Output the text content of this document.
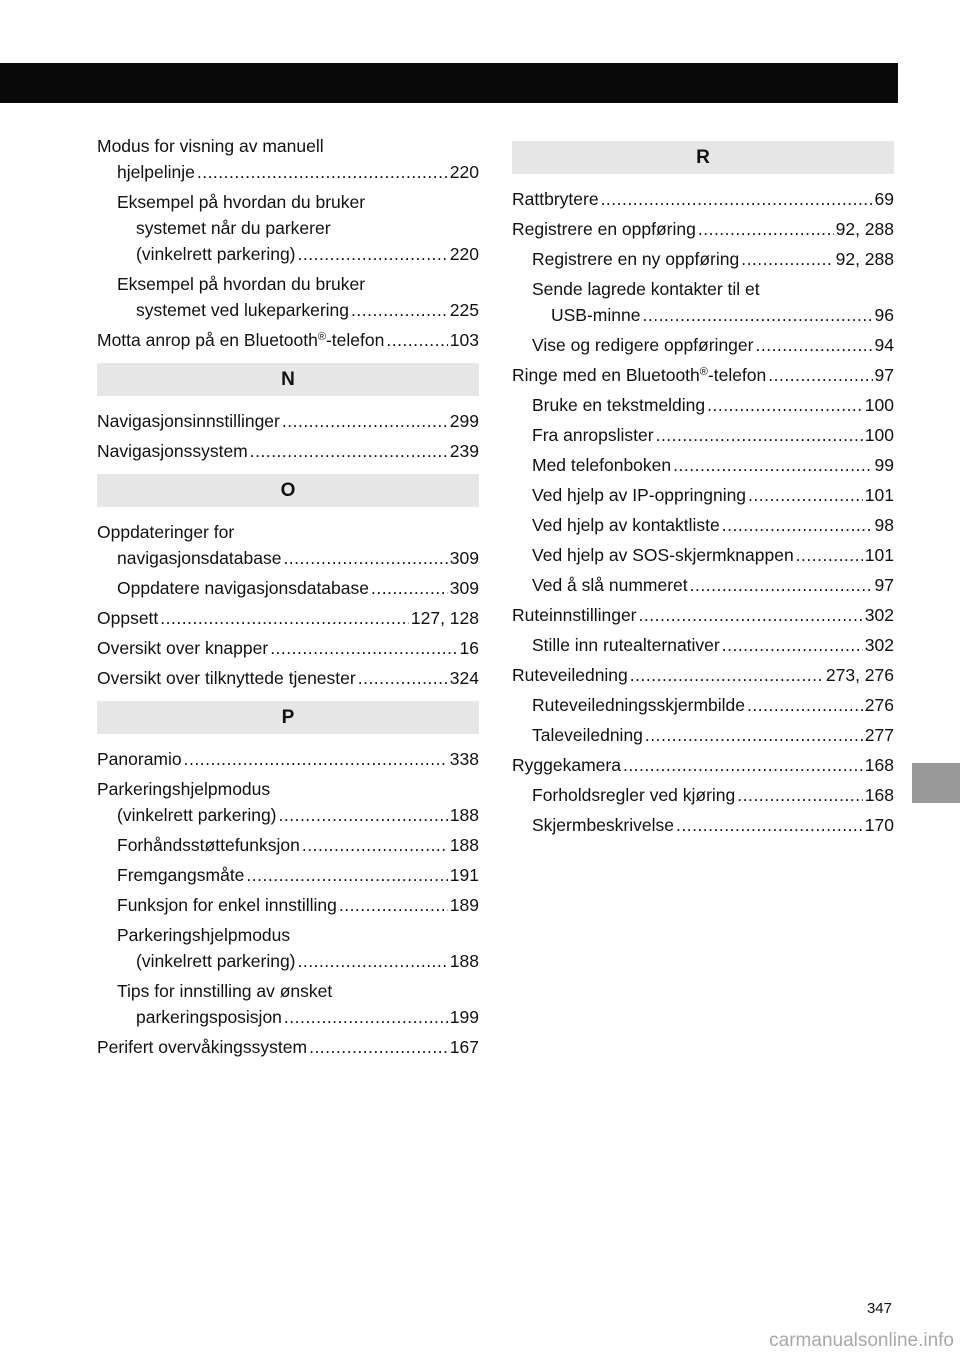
Modus for visning av manuell
hjelpelinje .....	220
Eksempel på hvordan du bruker
systemet når du parkerer
(vinkelrett parkering) .....	220
Eksempel på hvordan du bruker
systemet ved lukeparkering .....	225
Motta anrop på en Bluetooth®-telefon .....	103
N
Navigasjonsinnstillinger .....	299
Navigasjonssystem .....	239
O
Oppdateringer for
navigasjonsdatabase .....	309
Oppdatere navigasjonsdatabase .....	309
Oppsett .....	127, 128
Oversikt over knapper .....	16
Oversikt over tilknyttede tjenester .....	324
P
Panoramio .....	338
Parkeringshjelpmodus
(vinkelrett parkering) .....	188
Forhåndsstøttefunksjon .....	188
Fremgangsmåte .....	191
Funksjon for enkel innstilling .....	189
Parkeringshjelpmodus
(vinkelrett parkering) .....	188
Tips for innstilling av ønsket
parkeringsposisjon .....	199
Perifert overvåkingssystem .....	167
R
Rattbrytere .....	69
Registrere en oppføring .....	92, 288
Registrere en ny oppføring .....	92, 288
Sende lagrede kontakter til et
USB-minne .....	96
Vise og redigere oppføringer .....	94
Ringe med en Bluetooth®-telefon .....	97
Bruke en tekstmelding .....	100
Fra anropslister .....	100
Med telefonboken .....	99
Ved hjelp av IP-oppringning .....	101
Ved hjelp av kontaktliste .....	98
Ved hjelp av SOS-skjermknappen .....	101
Ved å slå nummeret .....	97
Ruteinnstillinger .....	302
Stille inn rutealternativer .....	302
Ruteveiledning .....	273, 276
Ruteveiledningsskjermbilde .....	276
Taleveiledning .....	277
Ryggekamera .....	168
Forholdsregler ved kjøring .....	168
Skjermbeskrivelse .....	170
347
carmanualsonline.info
